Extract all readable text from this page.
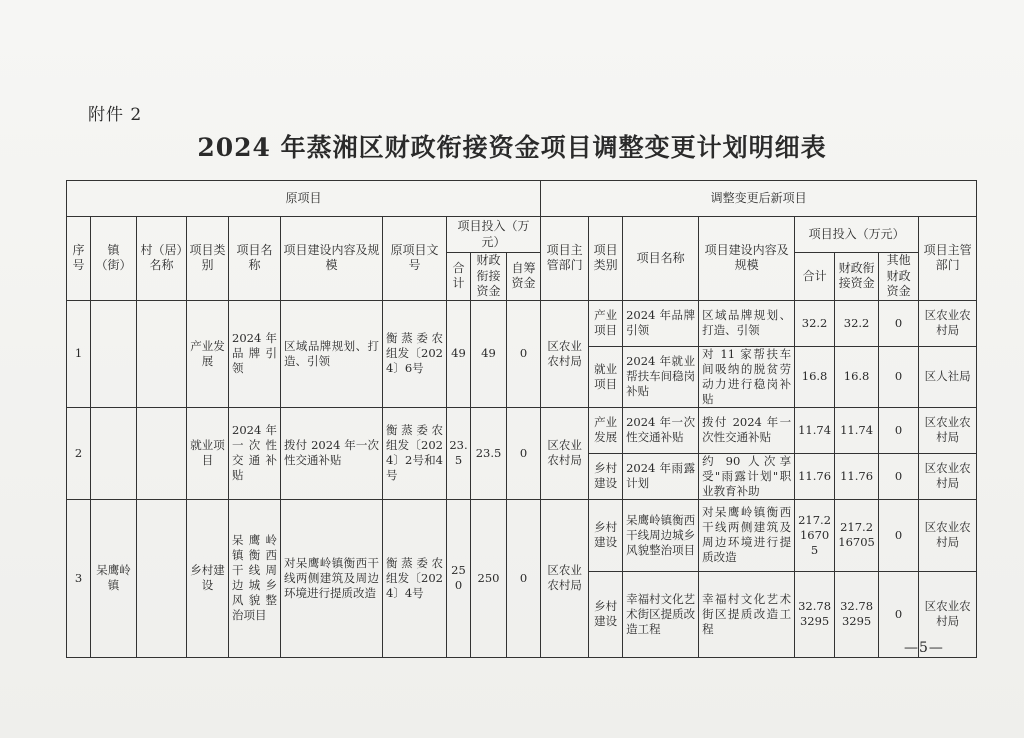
附件 2
2024 年蒸湘区财政衔接资金项目调整变更计划明细表
原项目										调整变更后新项目							
序号	镇（街）	村（居）名称	项目类别	项目名称	项目建设内容及规模	原项目文号	项目投入（万元）			项目主管部门	项目类别	项目名称	项目建设内容及规模	项目投入（万元）			项目主管部门
							合计	财政衔接资金	自筹资金					合计	财政衔接资金	其他财政资金	
1			产业发展	2024年品牌引领	区域品牌规划、打造、引领	衡蒸委农组发〔2024〕6号	49	49	0	区农业农村局	产业项目	2024 年品牌引领	区域品牌规划、打造、引领	32.2	32.2	0	区农业农村局
											就业项目	2024 年就业帮扶车间稳岗补贴	对 11 家帮扶车间吸纳的脱贫劳动力进行稳岗补贴	16.8	16.8	0	区人社局
2			就业项目	2024年一次性交通补贴	拨付 2024 年一次性交通补贴	衡蒸委农组发〔2024〕2号和4号	23.5	23.5	0	区农业农村局	产业发展	2024 年一次性交通补贴	拨付 2024 年一次性交通补贴	11.74	11.74	0	区农业农村局
											乡村建设	2024 年雨露计划	约 90 人次享受"雨露计划"职业教育补助	11.76	11.76	0	区农业农村局
3	呆鹰岭镇		乡村建设	呆鹰岭镇衡西干线周边城乡风貌整治项目	对呆鹰岭镇衡西干线两侧建筑及周边环境进行提质改造	衡蒸委农组发〔2024〕4号	250	250	0	区农业农村局	乡村建设	呆鹰岭镇衡西干线周边城乡风貌整治项目	对呆鹰岭镇衡西干线两侧建筑及周边环境进行提质改造	217.216705	217.216705	0	区农业农村局
											乡村建设	幸福村文化艺术街区提质改造工程	幸福村文化艺术街区提质改造工程	32.783295	32.783295	0	区农业农村局
—5—
